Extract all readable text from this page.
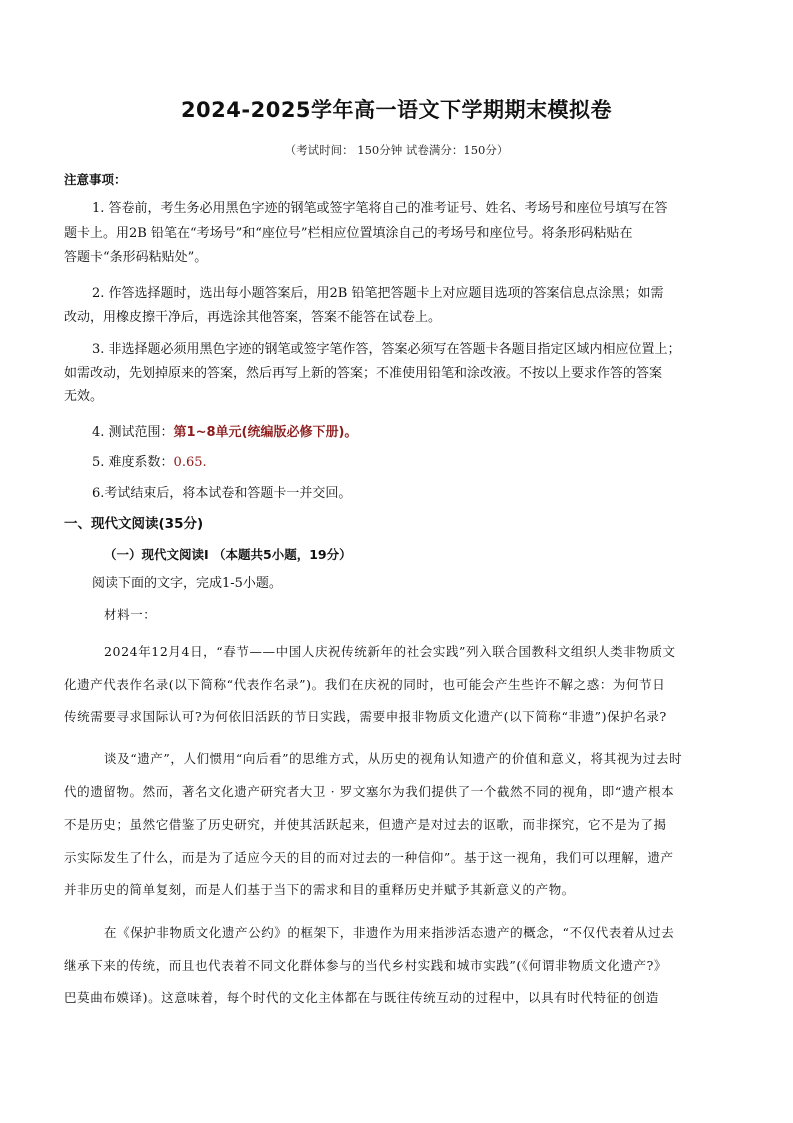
2024-2025学年高一语文下学期期末模拟卷
（考试时间： 150分钟 试卷满分：150分）
注意事项：
1. 答卷前，考生务必用黑色字迹的钢笔或签字笔将自己的准考证号、姓名、考场号和座位号填写在答
题卡上。用2B 铅笔在“考场号”和“座位号”栏相应位置填涂自己的考场号和座位号。将条形码粘贴在
答题卡“条形码粘贴处”。
2. 作答选择题时，选出每小题答案后，用2B 铅笔把答题卡上对应题目选项的答案信息点涂黑；如需
改动，用橡皮擦干净后，再选涂其他答案，答案不能答在试卷上。
3. 非选择题必须用黑色字迹的钢笔或签字笔作答，答案必须写在答题卡各题目指定区域内相应位置上；
如需改动，先划掉原来的答案，然后再写上新的答案；不准使用铅笔和涂改液。不按以上要求作答的答案
无效。
4. 测试范围：第1~8单元(统编版必修下册)。
5. 难度系数：0.65.
6.考试结束后，将本试卷和答题卡一并交回。
一、现代文阅读(35分)
（一）现代文阅读I （本题共5小题，19分）
阅读下面的文字，完成1-5小题。
材料一：
2024年12月4日，“春节——中国人庆祝传统新年的社会实践”列入联合国教科文组织人类非物质文
化遗产代表作名录(以下简称“代表作名录”)。我们在庆祝的同时，也可能会产生些许不解之惑：为何节日
传统需要寻求国际认可?为何依旧活跃的节日实践，需要申报非物质文化遗产(以下简称“非遗”)保护名录?
谈及“遗产”，人们惯用“向后看”的思维方式，从历史的视角认知遗产的价值和意义，将其视为过去时
代的遗留物。然而，著名文化遗产研究者大卫 · 罗文塞尔为我们提供了一个截然不同的视角，即“遗产根本
不是历史；虽然它借鉴了历史研究，并使其活跃起来，但遗产是对过去的讴歌，而非探究，它不是为了揭
示实际发生了什么，而是为了适应今天的目的而对过去的一种信仰”。基于这一视角，我们可以理解，遗产
并非历史的简单复刻，而是人们基于当下的需求和目的重释历史并赋予其新意义的产物。
在《保护非物质文化遗产公约》的框架下，非遗作为用来指涉活态遗产的概念，“不仅代表着从过去
继承下来的传统，而且也代表着不同文化群体参与的当代乡村实践和城市实践”(《何谓非物质文化遗产?》
巴莫曲布嫫译)。这意味着，每个时代的文化主体都在与既往传统互动的过程中，以具有时代特征的创造
